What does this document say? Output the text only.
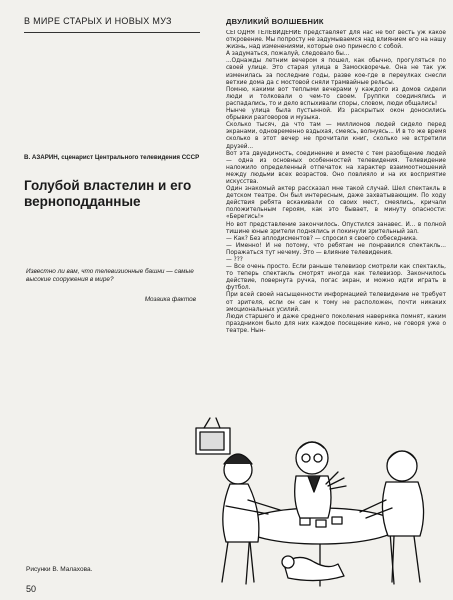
В МИРЕ СТАРЫХ И НОВЫХ МУЗ
В. АЗАРИН, сценарист Центрального телевидения СССР
Голубой властелин и его верноподданные
Известно ли вам, что телевизионные башни — самые высокие сооружения в мире?
Мозаика фактов
ДВУЛИКИЙ ВОЛШЕБНИК

СЕГОДНЯ ТЕЛЕВИДЕНИЕ представляет для нас не бог весть уж какое откровение. Мы попросту не задумываемся над влиянием его на нашу жизнь, над изменениями, которые оно принесло с собой.

А задуматься, пожалуй, следовало бы...

...Однажды летним вечером я пошел, как обычно, прогуляться по своей улице. Это старая улица в Замоскворечье. Она не так уж изменилась за последние годы, разве кое-где в переулках снесли ветхие дома да с мостовой сняли трамвайные рельсы.

Помню, какими вот теплыми вечерами у каждого из домов сидели люди и толковали о чем-то своем. Группки соединялись и распадались, то и дело вспыхивали споры, словом, люди общались!

Нынче улица была пустынной. Из раскрытых окон доносились обрывки разговоров и музыка.

Сколько тысяч, да что там — миллионов людей сидело перед экранами, одновременно вздыхая, смеясь, волнуясь... И в то же время сколько в этот вечер не прочитали книг, сколько не встретили друзей...

Вот эта двуединость, соединение и вместе с тем разобщение людей — одна из основных особенностей телевидения. Телевидение наложило определенный отпечаток на характер взаимоотношений между людьми всех возрастов. Оно повлияло и на их восприятие искусства.

Один знакомый актер рассказал мне такой случай. Шел спектакль в детском театре. Он был интересным, даже захватывающим. По ходу действия ребята вскакивали со своих мест, смеялись, кричали положительным героям, как это бывает, в минуту опасности: «Берегись!»

Но вот представление закончилось. Опустился занавес. И... в полной тишине юные зрители поднялись и покинули зрительный зал.

— Как? Без аплодисментов? — спросил я своего собеседника.

— Именно! И не потому, что ребятам не понравился спектакль... Поражаться тут нечему. Это — влияние телевидения.

— ???

— Все очень просто. Если раньше телевизор смотрели как спектакль, то теперь спектакль смотрят иногда как телевизор. Закончилось действие, повернута ручка, погас экран, и можно идти играть в футбол.

При всей своей насыщенности информацией телевидение не требует от зрителя, если он сам к тому не расположен, почти никаких эмоциональных усилий.

Люди старшего и даже среднего поколения наверняка помнят, каким праздником было для них каждое посещение кино, не говоря уже о театре. Нын-

Рисунки В. Малахова.
50
